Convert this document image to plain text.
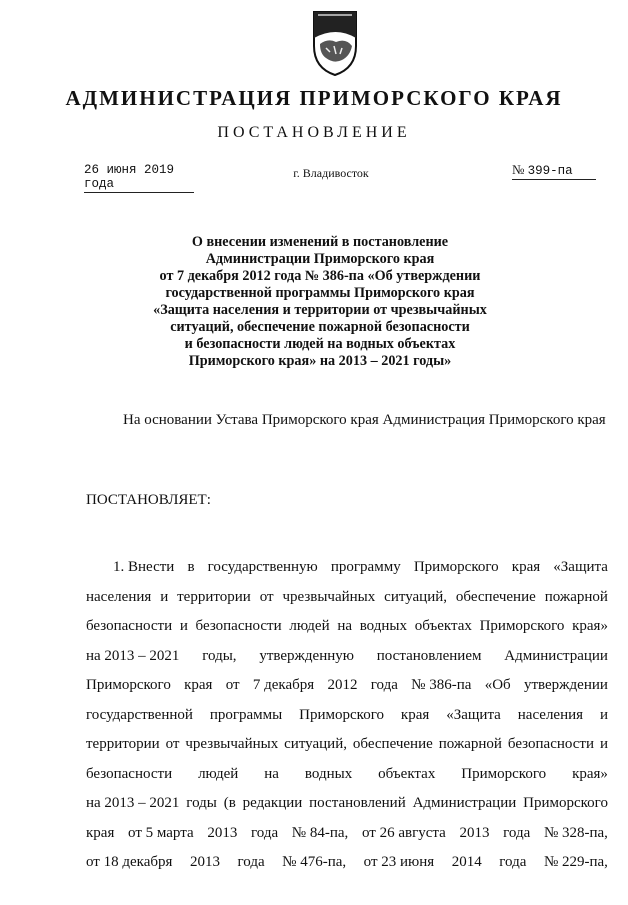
АДМИНИСТРАЦИЯ ПРИМОРСКОГО КРАЯ
ПОСТАНОВЛЕНИЕ
26 июня 2019 года
г. Владивосток	№ 399-па
О внесении изменений в постановление
Администрации Приморского края
от 7 декабря 2012 года № 386-па «Об утверждении
государственной программы Приморского края
«Защита населения и территории от чрезвычайных
ситуаций, обеспечение пожарной безопасности
и безопасности людей на водных объектах
Приморского края» на 2013 – 2021 годы»
На основании Устава Приморского края Администрация Приморского края
ПОСТАНОВЛЯЕТ:
1. Внести в государственную программу Приморского края «Защита
населения и территории от чрезвычайных ситуаций, обеспечение пожарной
безопасности и безопасности людей на водных объектах Приморского края»
на 2013 – 2021 годы, утвержденную постановлением Администрации
Приморского края от 7 декабря 2012 года № 386-па «Об утверждении
государственной программы Приморского края «Защита населения и
территории от чрезвычайных ситуаций, обеспечение пожарной безопасности и
безопасности людей на водных объектах Приморского края»
на 2013 – 2021 годы (в редакции постановлений Администрации Приморского
края от 5 марта 2013 года № 84-па, от 26 августа 2013 года № 328-па,
от 18 декабря 2013 года № 476-па, от 23 июня 2014 года № 229-па,
